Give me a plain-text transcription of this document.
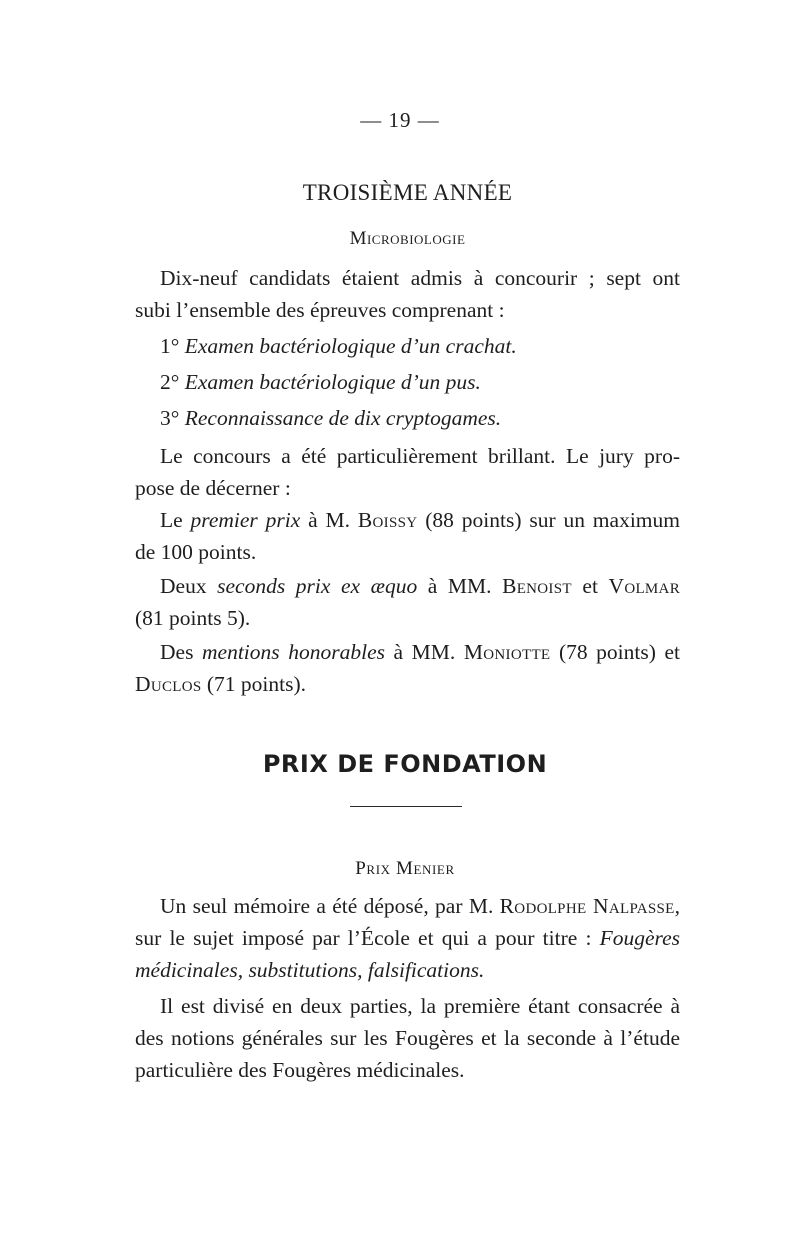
— 19 —
TROISIÈME ANNÉE
Microbiologie
Dix-neuf candidats étaient admis à concourir ; sept ont
subi l’ensemble des épreuves comprenant :
1° Examen bactériologique d’un crachat.
2° Examen bactériologique d’un pus.
3° Reconnaissance de dix cryptogames.
Le concours a été particulièrement brillant. Le jury pro-
pose de décerner :
Le premier prix à M. Boissy (88 points) sur un maximum
de 100 points.
Deux seconds prix ex æquo à MM. Benoist et Volmar
(81 points 5).
Des mentions honorables à MM. Moniotte (78 points) et
Duclos (71 points).
PRIX DE FONDATION
Prix Menier
Un seul mémoire a été déposé, par M. Rodolphe Nalpasse,
sur le sujet imposé par l’École et qui a pour titre : Fougères
médicinales, substitutions, falsifications.
Il est divisé en deux parties, la première étant consacrée à
des notions générales sur les Fougères et la seconde à l’étude
particulière des Fougères médicinales.
